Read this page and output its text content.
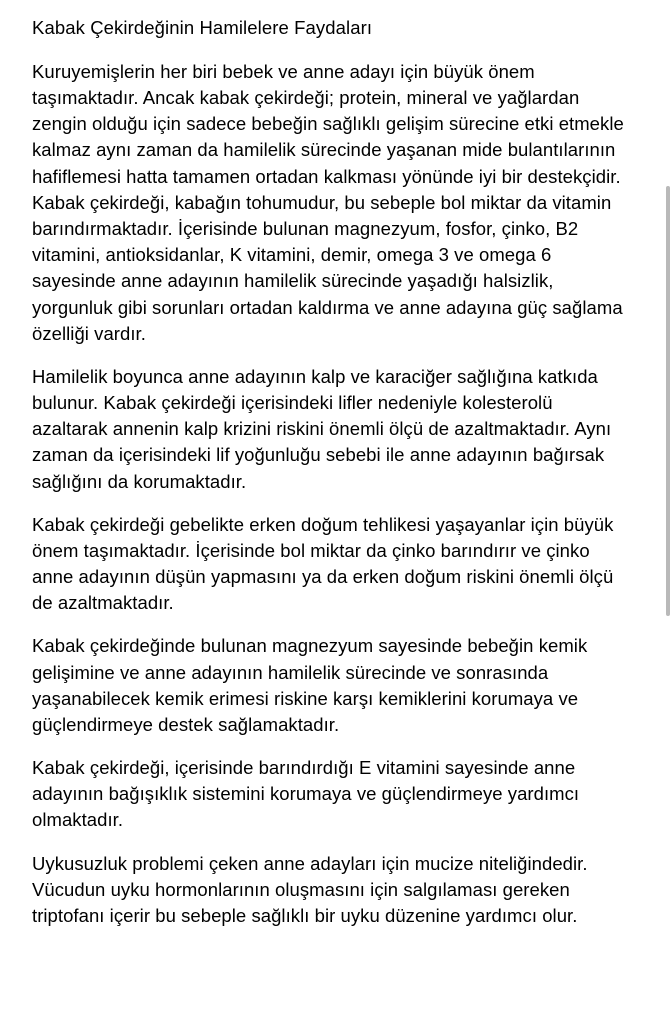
Kabak Çekirdeğinin Hamilelere Faydaları

Kuruyemişlerin her biri bebek ve anne adayı için büyük önem taşımaktadır. Ancak kabak çekirdeği; protein, mineral ve yağlardan zengin olduğu için sadece bebeğin sağlıklı gelişim sürecine etki etmekle kalmaz aynı zaman da hamilelik sürecinde yaşanan mide bulantılarının hafiflemesi hatta tamamen ortadan kalkması yönünde iyi bir destekçidir.  Kabak çekirdeği, kabağın tohumudur, bu sebeple bol miktar da vitamin barındırmaktadır. İçerisinde bulunan magnezyum, fosfor, çinko, B2 vitamini, antioksidanlar, K vitamini, demir, omega 3 ve omega 6 sayesinde anne adayının hamilelik sürecinde yaşadığı halsizlik, yorgunluk gibi sorunları ortadan kaldırma ve anne adayına güç sağlama özelliği vardır.

Hamilelik boyunca anne adayının kalp ve karaciğer sağlığına katkıda bulunur. Kabak çekirdeği içerisindeki lifler nedeniyle kolesterolü azaltarak annenin kalp krizini riskini önemli ölçü de azaltmaktadır. Aynı zaman da içerisindeki lif yoğunluğu sebebi ile anne adayının bağırsak sağlığını da korumaktadır.

Kabak çekirdeği gebelikte erken doğum tehlikesi yaşayanlar için büyük önem taşımaktadır. İçerisinde bol miktar da çinko barındırır ve çinko anne adayının düşün yapmasını ya da erken doğum riskini önemli ölçü de azaltmaktadır.

Kabak çekirdeğinde bulunan magnezyum sayesinde bebeğin kemik gelişimine ve anne adayının hamilelik sürecinde ve sonrasında yaşanabilecek kemik erimesi riskine karşı kemiklerini korumaya ve güçlendirmeye destek sağlamaktadır.

Kabak çekirdeği, içerisinde barındırdığı E vitamini sayesinde anne adayının bağışıklık sistemini korumaya ve güçlendirmeye yardımcı olmaktadır.

Uykusuzluk problemi çeken anne adayları için mucize niteliğindedir. Vücudun uyku hormonlarının oluşmasını için salgılaması gereken triptofanı içerir bu sebeple sağlıklı bir uyku düzenine yardımcı olur.
